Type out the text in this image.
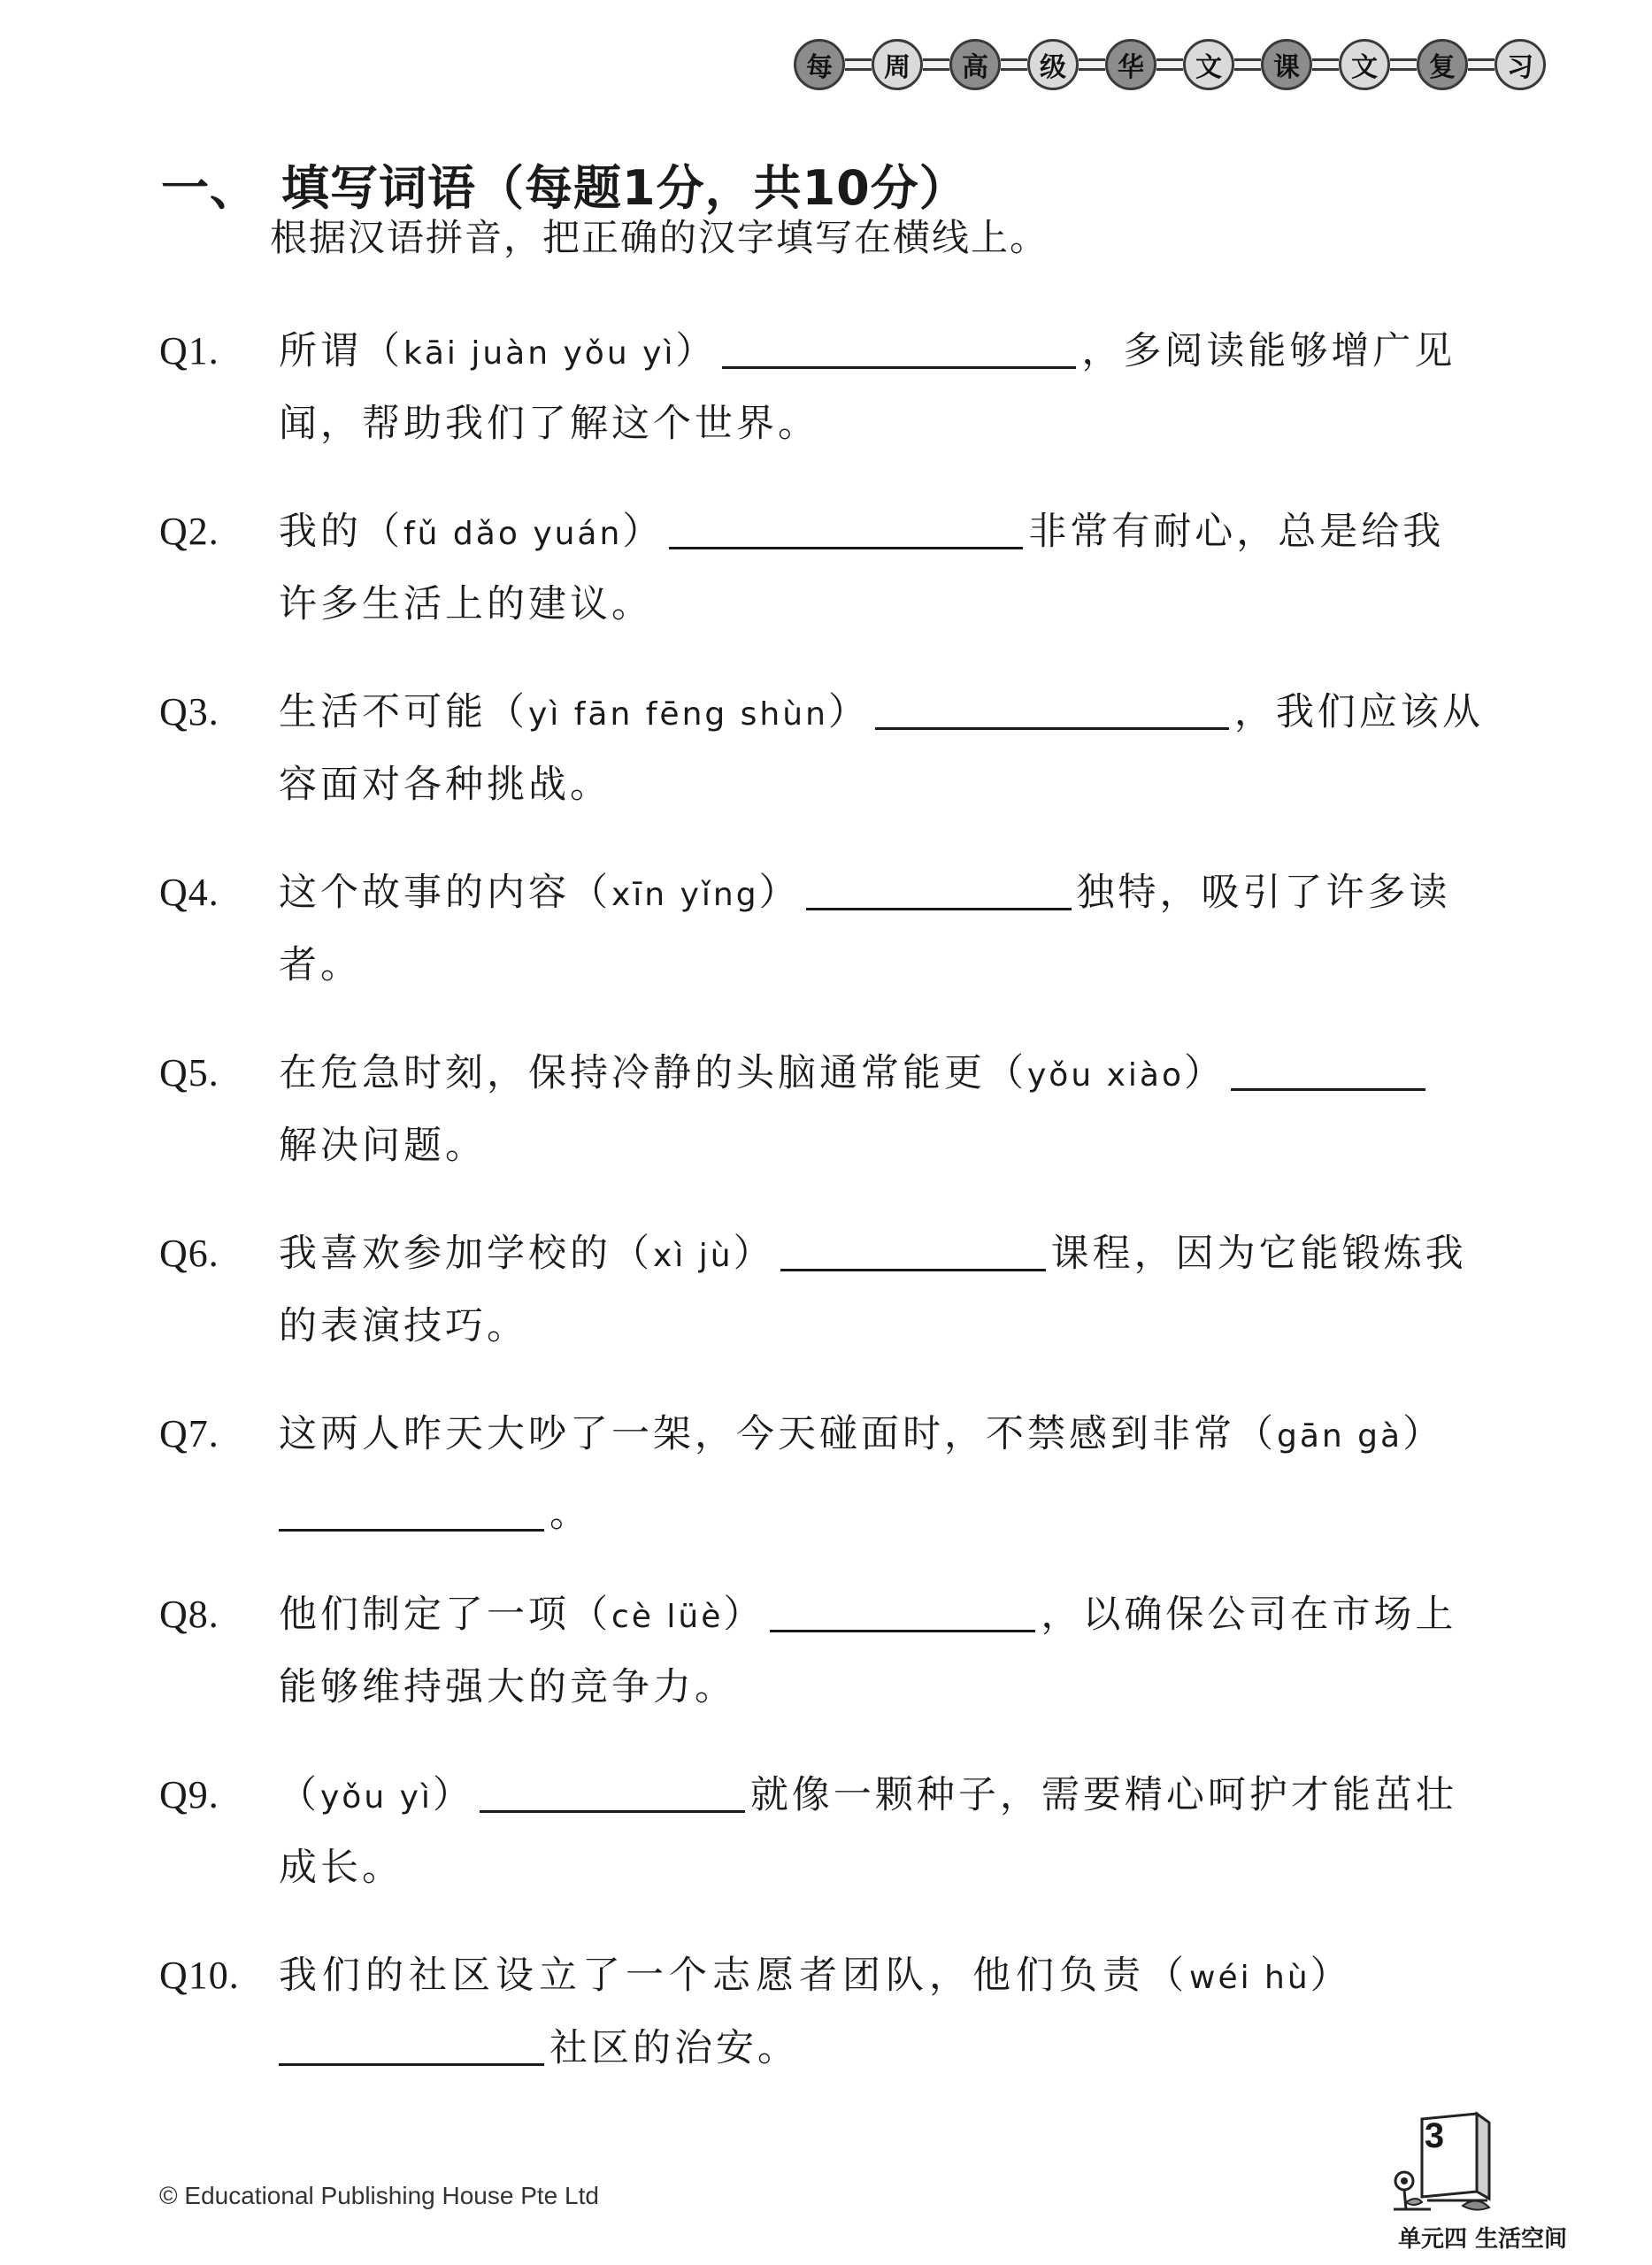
每	周	高	级	华	文	课	文	复	习
一、 填写词语（每题1分，共10分）
根据汉语拼音，把正确的汉字填写在横线上。
Q1. 所谓（kāi juàn yǒu yì）	，多阅读能够增广见
闻，帮助我们了解这个世界。
Q2. 我的（fǔ dǎo yuán）	非常有耐心，总是给我
许多生活上的建议。
Q3. 生活不可能（yì fān fēng shùn）	，我们应该从
容面对各种挑战。
Q4. 这个故事的内容（xīn yǐng）	独特，吸引了许多读
者。
Q5. 在危急时刻，保持冷静的头脑通常能更（yǒu xiào）
解决问题。
Q6. 我喜欢参加学校的（xì jù）	课程，因为它能锻炼我
的表演技巧。
Q7. 这两人昨天大吵了一架，今天碰面时，不禁感到非常（gān gà）
。
Q8. 他们制定了一项（cè lüè）	，以确保公司在市场上
能够维持强大的竞争力。
Q9. （yǒu yì）	就像一颗种子，需要精心呵护才能茁壮
成长。
Q10. 我们的社区设立了一个志愿者团队，他们负责（wéi hù）
社区的治安。
© Educational Publishing House Pte Ltd
3
单元四 生活空间
